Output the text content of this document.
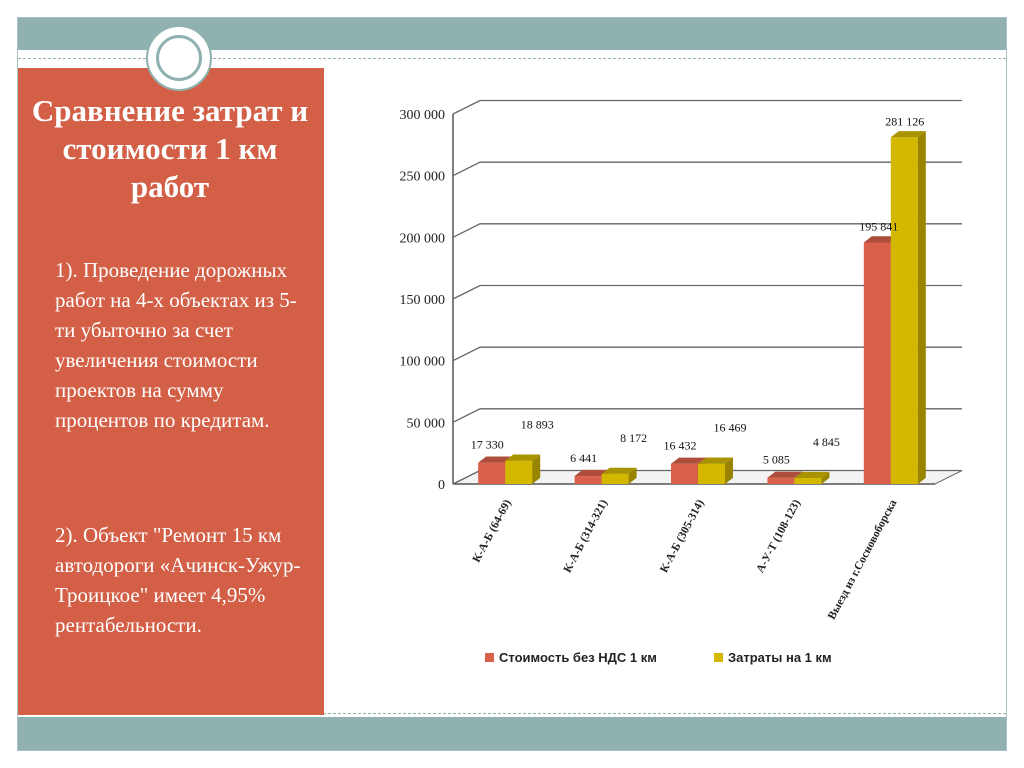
Сравнение затрат и стоимости 1 км работ
1). Проведение дорожных работ на 4-х объектах из 5-ти убыточно за счет увеличения стоимости проектов на сумму процентов по кредитам.
2). Объект "Ремонт 15 км автодороги «Ачинск-Ужур-Троицкое" имеет 4,95% рентабельности.
0
50 000
100 000
150 000
200 000
250 000
300 000
17 330
6 441
16 432
5 085
195 841
18 893
8 172
16 469
4 845
281 126
К-А-Б (64-69)	К-А-Б (314-321)	К-А-Б (305-314)	А-У-Т (108-123) Выезд из г.Сосновоборска
Стоимость без НДС 1 км	Затраты на 1 км
